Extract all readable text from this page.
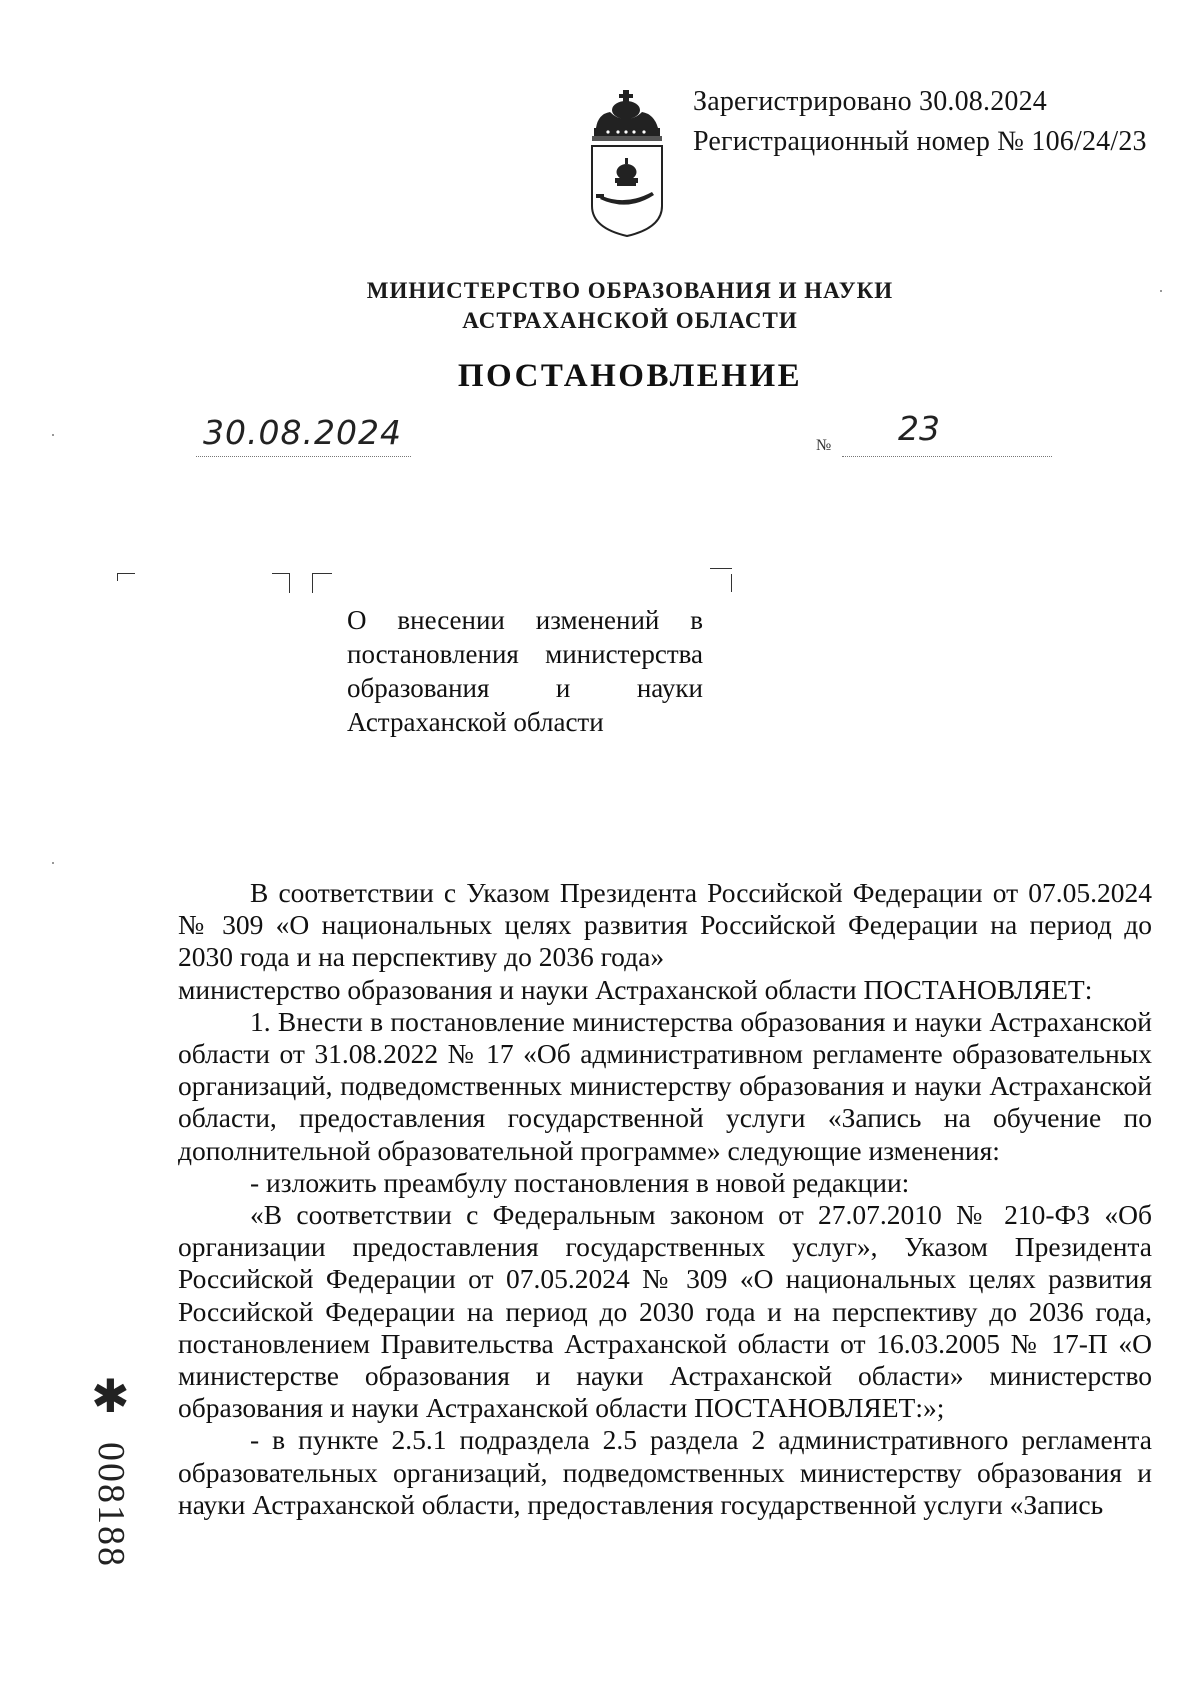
Зарегистрировано 30.08.2024
Регистрационный номер № 106/24/23
МИНИСТЕРСТВО ОБРАЗОВАНИЯ И НАУКИ
АСТРАХАНСКОЙ ОБЛАСТИ
ПОСТАНОВЛЕНИЕ
30.08.2024	№ 23

О внесении изменений в

постановления министерства

образования и науки

Астраханской области

В соответствии с Указом Президента Российской Федерации от 07.05.2024 № 309 «О национальных целях развития Российской Федерации на период до 2030 года и на перспективу до 2036 года»

министерство образования и науки Астраханской области ПОСТАНОВЛЯЕТ:

1. Внести в постановление министерства образования и науки Астраханской области от 31.08.2022 № 17 «Об административном регламенте образовательных организаций, подведомственных министерству образования и науки Астраханской области, предоставления государственной услуги «Запись на обучение по дополнительной образовательной программе» следующие изменения:

- изложить преамбулу постановления в новой редакции:

«В соответствии с Федеральным законом от 27.07.2010 № 210-ФЗ «Об организации предоставления государственных услуг», Указом Президента Российской Федерации от 07.05.2024 № 309 «О национальных целях развития Российской Федерации на период до 2030 года и на перспективу до 2036 года, постановлением Правительства Астраханской области от 16.03.2005 № 17-П «О министерстве образования и науки Астраханской области» министерство образования и науки Астраханской области ПОСТАНОВЛЯЕТ:»;

- в пункте 2.5.1 подраздела 2.5 раздела 2 административного регламента образовательных организаций, подведомственных министерству образования и науки Астраханской области, предоставления государственной услуги «Запись

✱
008188
